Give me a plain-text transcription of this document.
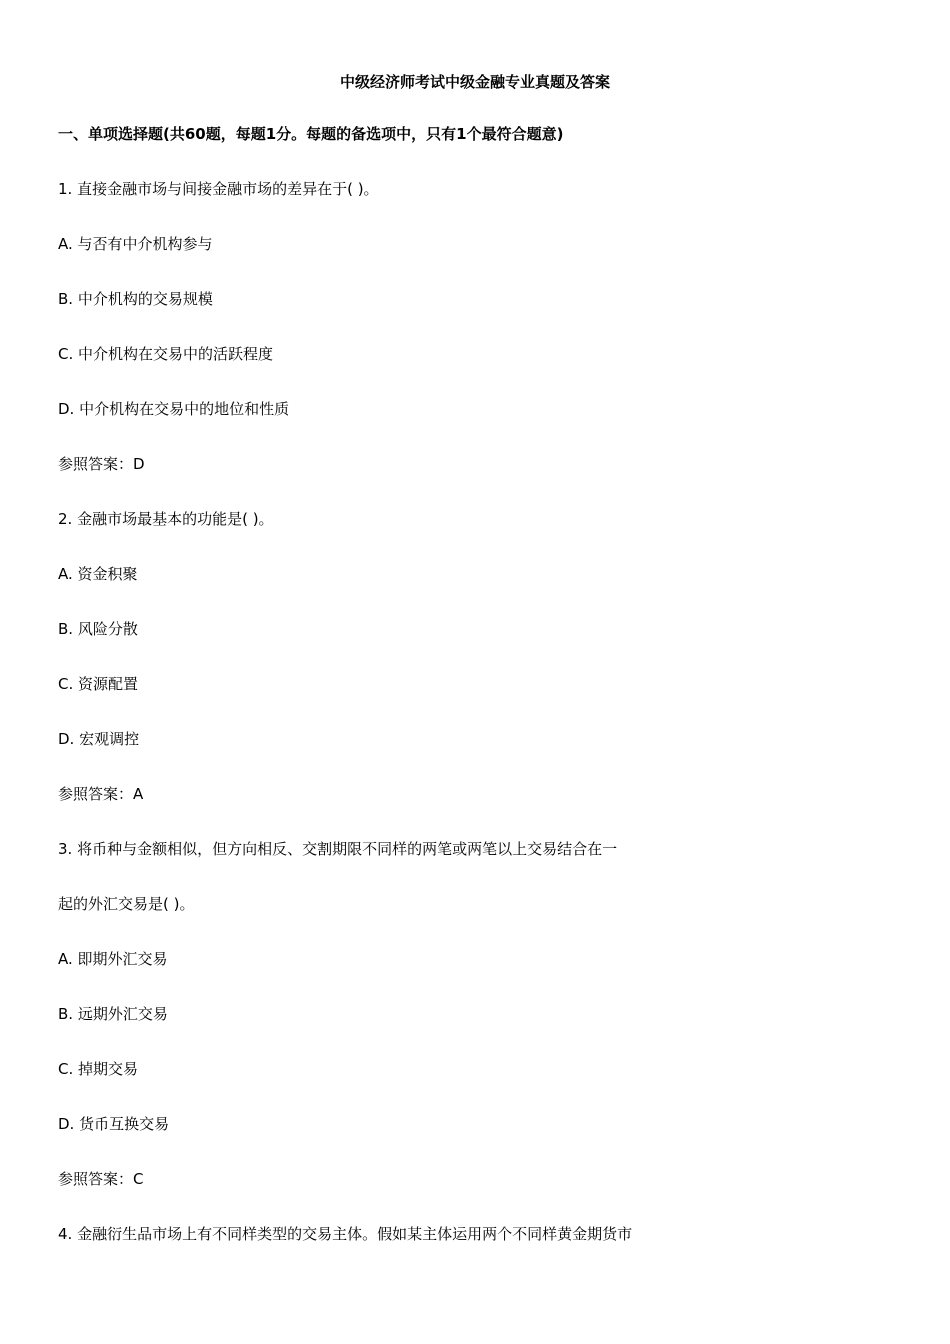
中级经济师考试中级金融专业真题及答案
一、单项选择题(共60题，每题1分。每题的备选项中，只有1个最符合题意)
1. 直接金融市场与间接金融市场的差异在于( )。
A. 与否有中介机构参与
B. 中介机构的交易规模
C. 中介机构在交易中的活跃程度
D. 中介机构在交易中的地位和性质
参照答案：D
2. 金融市场最基本的功能是( )。
A. 资金积聚
B. 风险分散
C. 资源配置
D. 宏观调控
参照答案：A
3. 将币种与金额相似，但方向相反、交割期限不同样的两笔或两笔以上交易结合在一
起的外汇交易是( )。
A. 即期外汇交易
B. 远期外汇交易
C. 掉期交易
D. 货币互换交易
参照答案：C
4. 金融衍生品市场上有不同样类型的交易主体。假如某主体运用两个不同样黄金期货市
